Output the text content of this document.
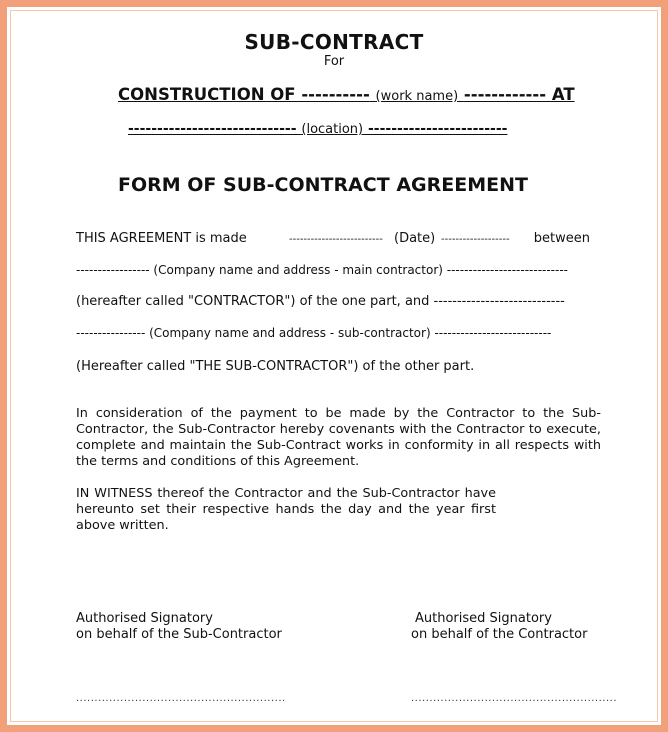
SUB-CONTRACT
For
CONSTRUCTION OF ---------- (work name) ------------ AT
----------------------------- (location) ------------------------
FORM OF SUB-CONTRACT AGREEMENT
THIS AGREEMENT is made	-------------------------- (Date) ------------------- between
----------------- (Company name and address - main contractor) ----------------------------
(hereafter called "CONTRACTOR") of the one part, and ----------------------------
---------------- (Company name and address - sub-contractor) ---------------------------
(Hereafter called "THE SUB-CONTRACTOR") of the other part.
In consideration of the payment to be made by the Contractor to the Sub-Contractor, the Sub-Contractor hereby covenants with the Contractor to execute, complete and maintain the Sub-Contract works in conformity in all respects with the terms and conditions of this Agreement.
IN WITNESS thereof the Contractor and the Sub-Contractor have hereunto set their respective hands the day and the year first above written.
Authorised Signatory
on behalf of the Sub-Contractor
Authorised Signatory
on behalf of the Contractor
.........................................................	........................................................
